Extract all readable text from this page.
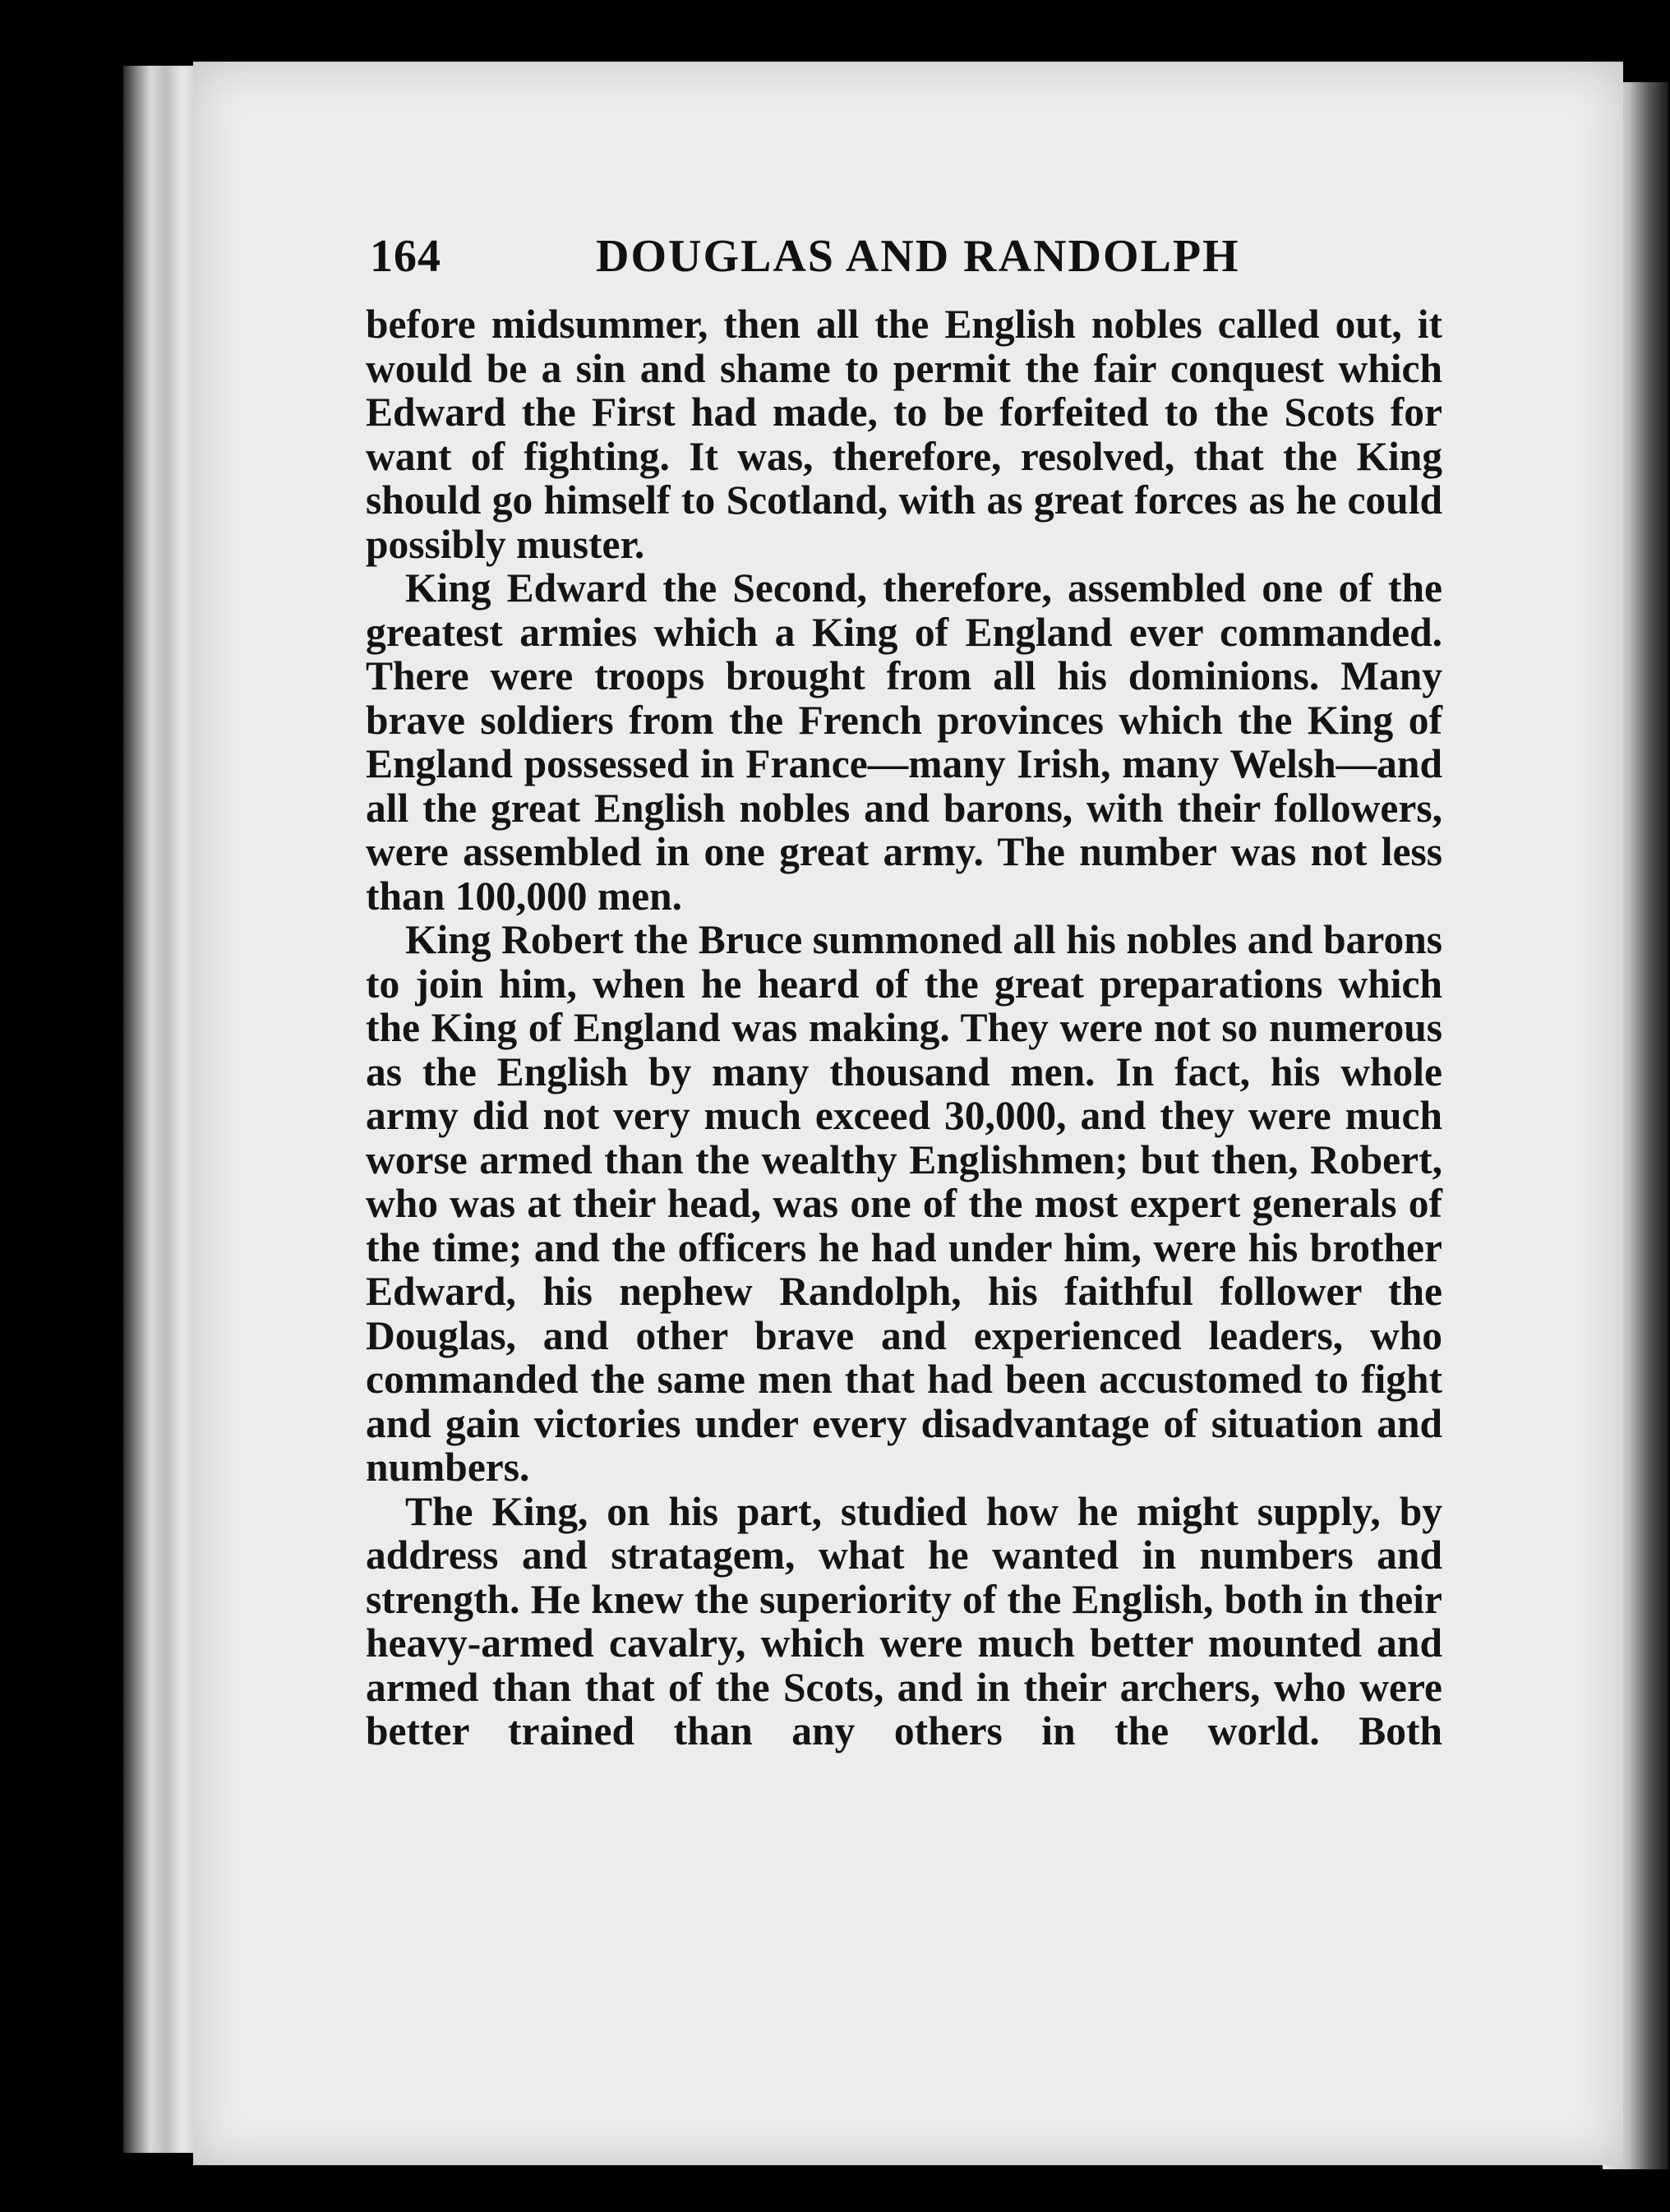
164	DOUGLAS AND RANDOLPH

before midsummer, then all the English nobles called out, it would be a sin and shame to permit the fair conquest which Edward the First had made, to be forfeited to the Scots for want of fighting. It was, therefore, resolved, that the King should go himself to Scotland, with as great forces as he could possibly muster.

King Edward the Second, therefore, assembled one of the greatest armies which a King of England ever commanded. There were troops brought from all his dominions. Many brave soldiers from the French provinces which the King of England possessed in France—many Irish, many Welsh—and all the great English nobles and barons, with their followers, were assembled in one great army. The number was not less than 100,000 men.

King Robert the Bruce summoned all his nobles and barons to join him, when he heard of the great preparations which the King of England was making. They were not so numerous as the English by many thousand men. In fact, his whole army did not very much exceed 30,000, and they were much worse armed than the wealthy Englishmen; but then, Robert, who was at their head, was one of the most expert generals of the time; and the officers he had under him, were his brother Edward, his nephew Randolph, his faithful follower the Douglas, and other brave and experienced leaders, who commanded the same men that had been accustomed to fight and gain victories under every disadvantage of situation and numbers.

The King, on his part, studied how he might supply, by address and stratagem, what he wanted in numbers and strength. He knew the superiority of the English, both in their heavy-armed cavalry, which were much better mounted and armed than that of the Scots, and in their archers, who were better trained than any others in the world. Both
